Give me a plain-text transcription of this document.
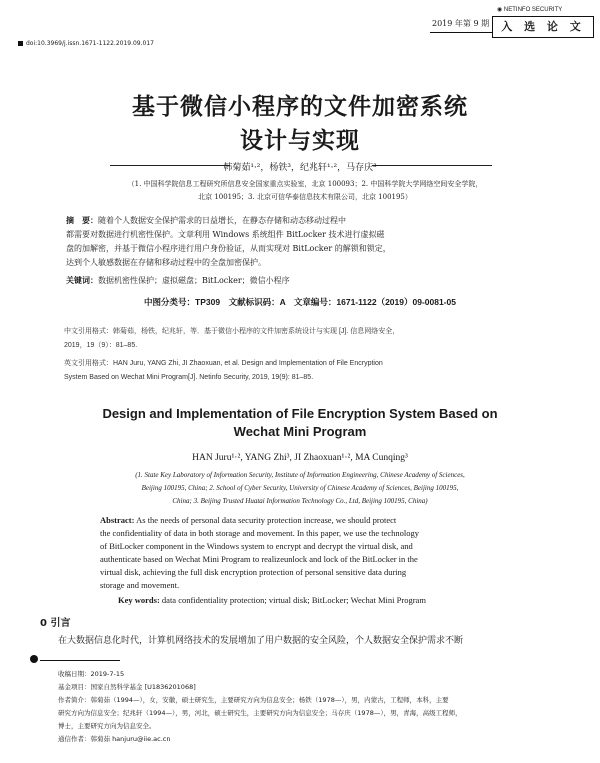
◉ NETINFO SECURITY
2019 年第 9 期	入 选 论 文
doi:10.3969/j.issn.1671-1122.2019.09.017
基于微信小程序的文件加密系统
设计与实现
韩菊茹¹·²，杨铁³，纪兆轩¹·²，马存庆³
（1. 中国科学院信息工程研究所信息安全国家重点实验室，北京 100093；2. 中国科学院大学网络空间安全学院，
北京 100195；3. 北京可信华泰信息技术有限公司，北京 100195）
摘　要：随着个人数据安全保护需求的日益增长，在静态存储和动态移动过程中
都需要对数据进行机密性保护。文章利用 Windows 系统组件 BitLocker 技术进行虚拟磁
盘的加解密，并基于微信小程序进行用户身份验证，从而实现对 BitLocker 的解锁和锁定，
达到个人敏感数据在存储和移动过程中的全盘加密保护。
关键词：数据机密性保护；虚拟磁盘；BitLocker；微信小程序
中图分类号：TP309　文献标识码：A　文章编号：1671-1122（2019）09-0081-05
中文引用格式：韩菊茹，杨铁，纪兆轩，等．基于微信小程序的文件加密系统设计与实现 [J]. 信息网络安全，
2019，19（9）：81–85.
英文引用格式：HAN Juru, YANG Zhi, JI Zhaoxuan, et al. Design and Implementation of File Encryption
System Based on Wechat Mini Program[J]. Netinfo Security, 2019, 19(9): 81–85.
Design and Implementation of File Encryption System Based on
Wechat Mini Program
HAN Juru¹·², YANG Zhi³, JI Zhaoxuan¹·², MA Cunqing³
(1. State Key Laboratory of Information Security, Institute of Information Engineering, Chinese Academy of Sciences,
Beijing 100195, China; 2. School of Cyber Security, University of Chinese Academy of Sciences, Beijing 100195,
China; 3. Beijing Trusted Huatai Information Technology Co., Ltd, Beijing 100195, China)
Abstract: As the needs of personal data security protection increase, we should protect
the confidentiality of data in both storage and movement. In this paper, we use the technology
of BitLocker component in the Windows system to encrypt and decrypt the virtual disk, and
authenticate based on Wechat Mini Program to realizeunlock and lock of the BitLocker in the
virtual disk, achieving the full disk encryption protection of personal sensitive data during
storage and movement.
Key words: data confidentiality protection; virtual disk; BitLocker; Wechat Mini Program
0 引言
在大数据信息化时代，计算机网络技术的发展增加了用户数据的安全风险，个人数据安全保护需求不断
收稿日期：2019-7-15
基金项目：国家自然科学基金 [U1836201068]
作者简介：韩菊茹（1994—），女，安徽，硕士研究生，主要研究方向为信息安全；杨铁（1978—），男，内蒙古，工程师，本科，主要
研究方向为信息安全；纪兆轩（1994—），男，河北，硕士研究生，主要研究方向为信息安全；马存庆（1978—），男，青海，高级工程师，
博士，主要研究方向为信息安全。
通信作者：韩菊茹 hanjuru@iie.ac.cn
